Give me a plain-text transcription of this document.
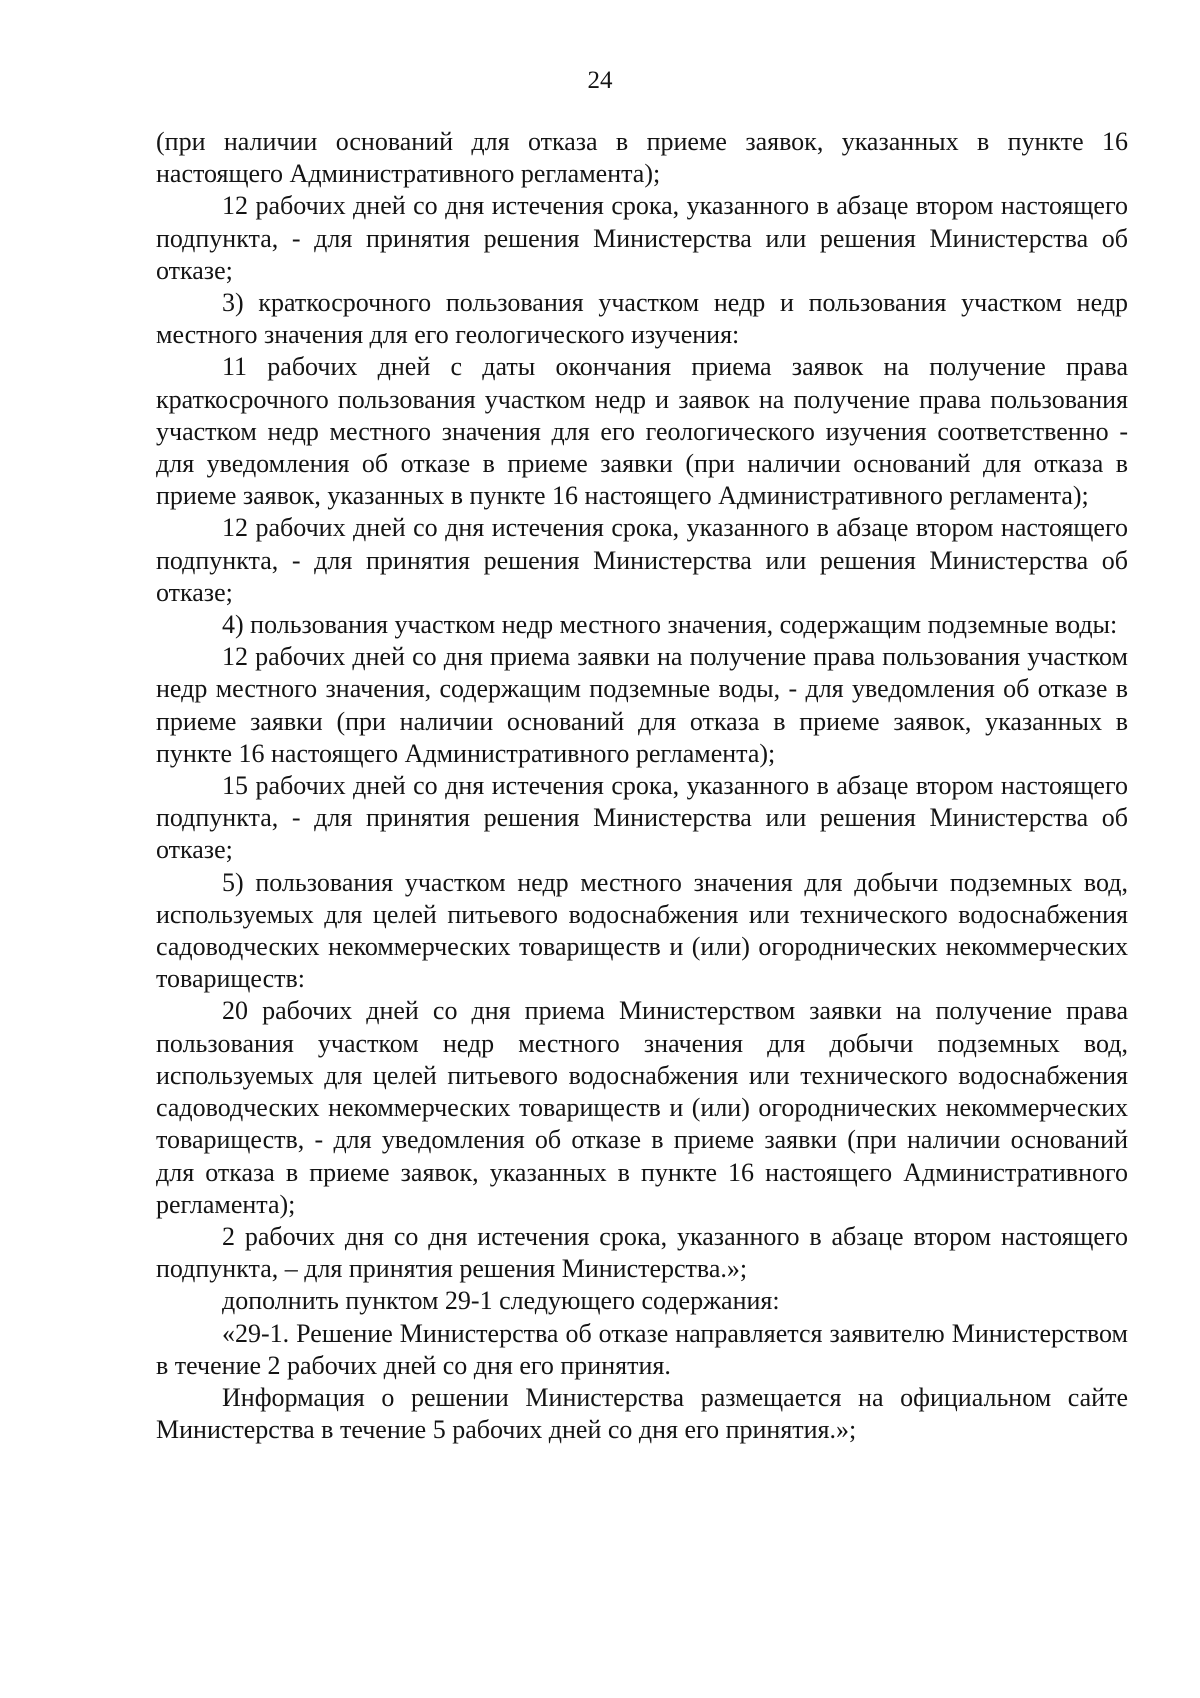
24

(при наличии оснований для отказа в приеме заявок, указанных в пункте 16 настоящего Административного регламента);

12 рабочих дней со дня истечения срока, указанного в абзаце втором настоящего подпункта, - для принятия решения Министерства или решения Министерства об отказе;

3) краткосрочного пользования участком недр и пользования участком недр местного значения для его геологического изучения:

11 рабочих дней с даты окончания приема заявок на получение права краткосрочного пользования участком недр и заявок на получение права пользования участком недр местного значения для его геологического изучения соответственно - для уведомления об отказе в приеме заявки (при наличии оснований для отказа в приеме заявок, указанных в пункте 16 настоящего Административного регламента);

12 рабочих дней со дня истечения срока, указанного в абзаце втором настоящего подпункта, - для принятия решения Министерства или решения Министерства об отказе;

4) пользования участком недр местного значения, содержащим подземные воды:

12 рабочих дней со дня приема заявки на получение права пользования участком недр местного значения, содержащим подземные воды, - для уведомления об отказе в приеме заявки (при наличии оснований для отказа в приеме заявок, указанных в пункте 16 настоящего Административного регламента);

15 рабочих дней со дня истечения срока, указанного в абзаце втором настоящего подпункта, - для принятия решения Министерства или решения Министерства об отказе;

5) пользования участком недр местного значения для добычи подземных вод, используемых для целей питьевого водоснабжения или технического водоснабжения садоводческих некоммерческих товариществ и (или) огороднических некоммерческих товариществ:

20 рабочих дней со дня приема Министерством заявки на получение права пользования участком недр местного значения для добычи подземных вод, используемых для целей питьевого водоснабжения или технического водоснабжения садоводческих некоммерческих товариществ и (или) огороднических некоммерческих товариществ, - для уведомления об отказе в приеме заявки (при наличии оснований для отказа в приеме заявок, указанных в пункте 16 настоящего Административного регламента);

2 рабочих дня со дня истечения срока, указанного в абзаце втором настоящего подпункта, – для принятия решения Министерства.»;

дополнить пунктом 29-1 следующего содержания:

«29-1. Решение Министерства об отказе направляется заявителю Министерством в течение 2 рабочих дней со дня его принятия.

Информация о решении Министерства размещается на официальном сайте Министерства в течение 5 рабочих дней со дня его принятия.»;
